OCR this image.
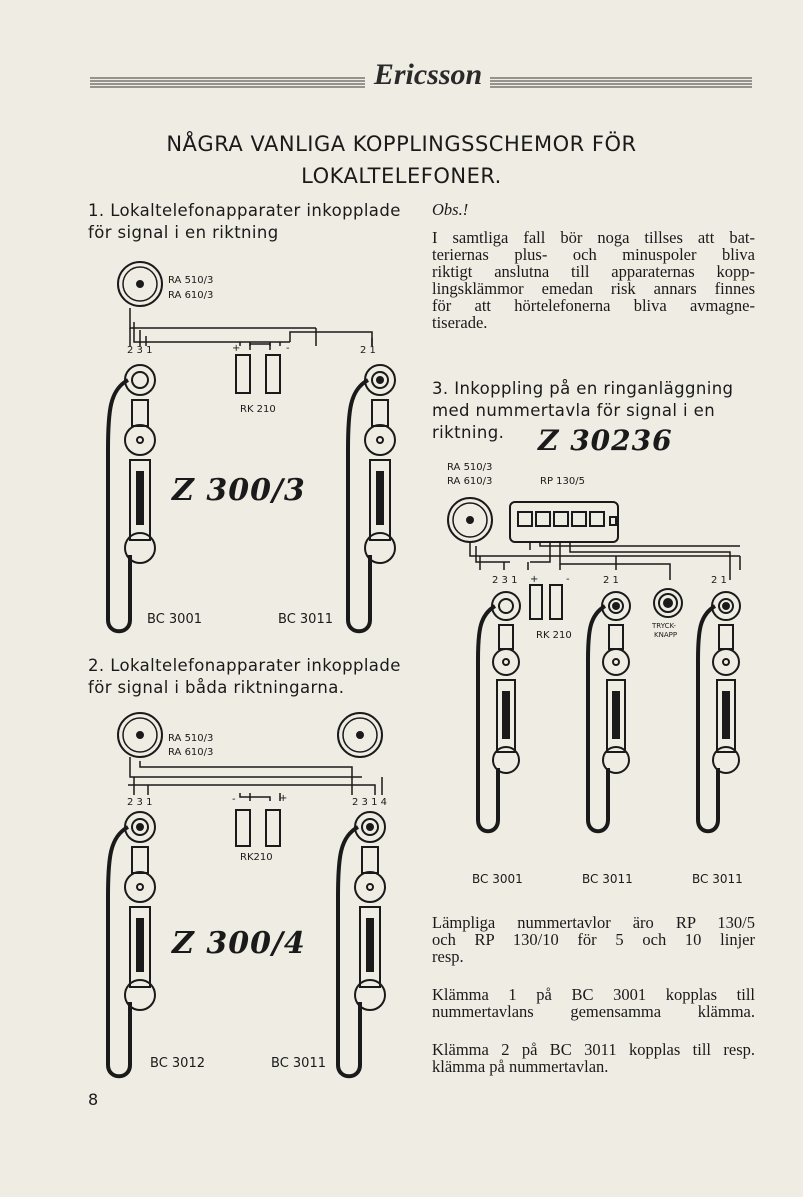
Ericsson
NÅGRA VANLIGA KOPPLINGSSCHEMOR FÖR
LOKALTELEFONER.
1. Lokaltelefonapparater inkopplade
för signal i en riktning
Obs.!
I samtliga fall bör noga tillses att bat-
teriernas plus- och minuspoler bliva
riktigt anslutna till apparaternas kopp-
lingsklämmor emedan risk annars finnes
för att hörtelefonerna bliva avmagne-
tiserade.
RA 510/3
RA 610/3
2 3 1	+	-	2 1
RK 210
Z 300/3
BC 3001	BC 3011
2. Lokaltelefonapparater inkopplade
för signal i båda riktningarna.
RA 510/3
RA 610/3
2 3 1	-	+	2 3 1 4
RK210
Z 300/4
BC 3012	BC 3011
8
3. Inkoppling på en ringanläggning
med nummertavla för signal i en
riktning. Z 30236
RA 510/3
RA 610/3	RP 130/5
2 3 1 +	-	2 1	2 1
RK 210
TRYCK-
KNAPP
BC 3001	BC 3011	BC 3011
Lämpliga nummertavlor äro RP 130/5
och RP 130/10 för 5 och 10 linjer
resp.
Klämma 1 på BC 3001 kopplas till
nummertavlans gemensamma klämma.
Klämma 2 på BC 3011 kopplas till resp.
klämma på nummertavlan.
